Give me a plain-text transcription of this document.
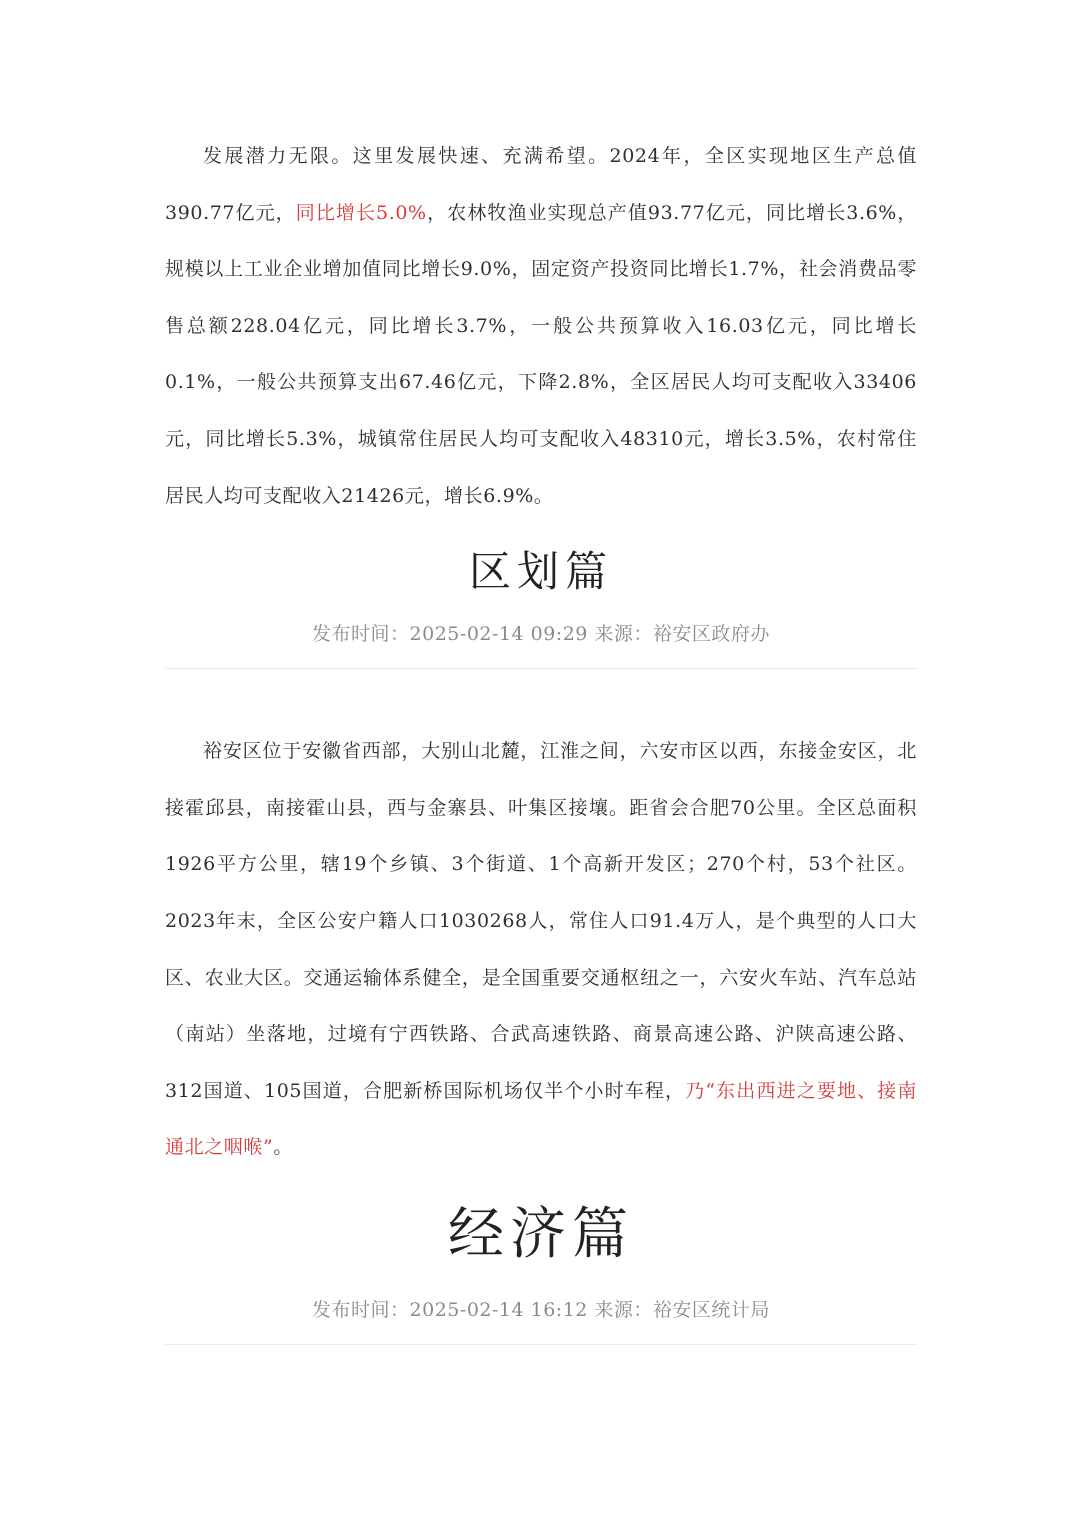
发展潜力无限。这里发展快速、充满希望。2024年，全区实现地区生产总值390.77亿元，同比增长5.0%，农林牧渔业实现总产值93.77亿元，同比增长3.6%，规模以上工业企业增加值同比增长9.0%，固定资产投资同比增长1.7%，社会消费品零售总额228.04亿元，同比增长3.7%，一般公共预算收入16.03亿元，同比增长0.1%，一般公共预算支出67.46亿元，下降2.8%，全区居民人均可支配收入33406元，同比增长5.3%，城镇常住居民人均可支配收入48310元，增长3.5%，农村常住居民人均可支配收入21426元，增长6.9%。

区划篇

发布时间：2025-02-14 09:29 来源：裕安区政府办

裕安区位于安徽省西部，大别山北麓，江淮之间，六安市区以西，东接金安区，北接霍邱县，南接霍山县，西与金寨县、叶集区接壤。距省会合肥70公里。全区总面积1926平方公里，辖19个乡镇、3个街道、1个高新开发区；270个村，53个社区。2023年末，全区公安户籍人口1030268人，常住人口91.4万人，是个典型的人口大区、农业大区。交通运输体系健全，是全国重要交通枢纽之一，六安火车站、汽车总站（南站）坐落地，过境有宁西铁路、合武高速铁路、商景高速公路、沪陕高速公路、312国道、105国道，合肥新桥国际机场仅半个小时车程，乃“东出西进之要地、接南通北之咽喉”。

经济篇

发布时间：2025-02-14 16:12 来源：裕安区统计局
